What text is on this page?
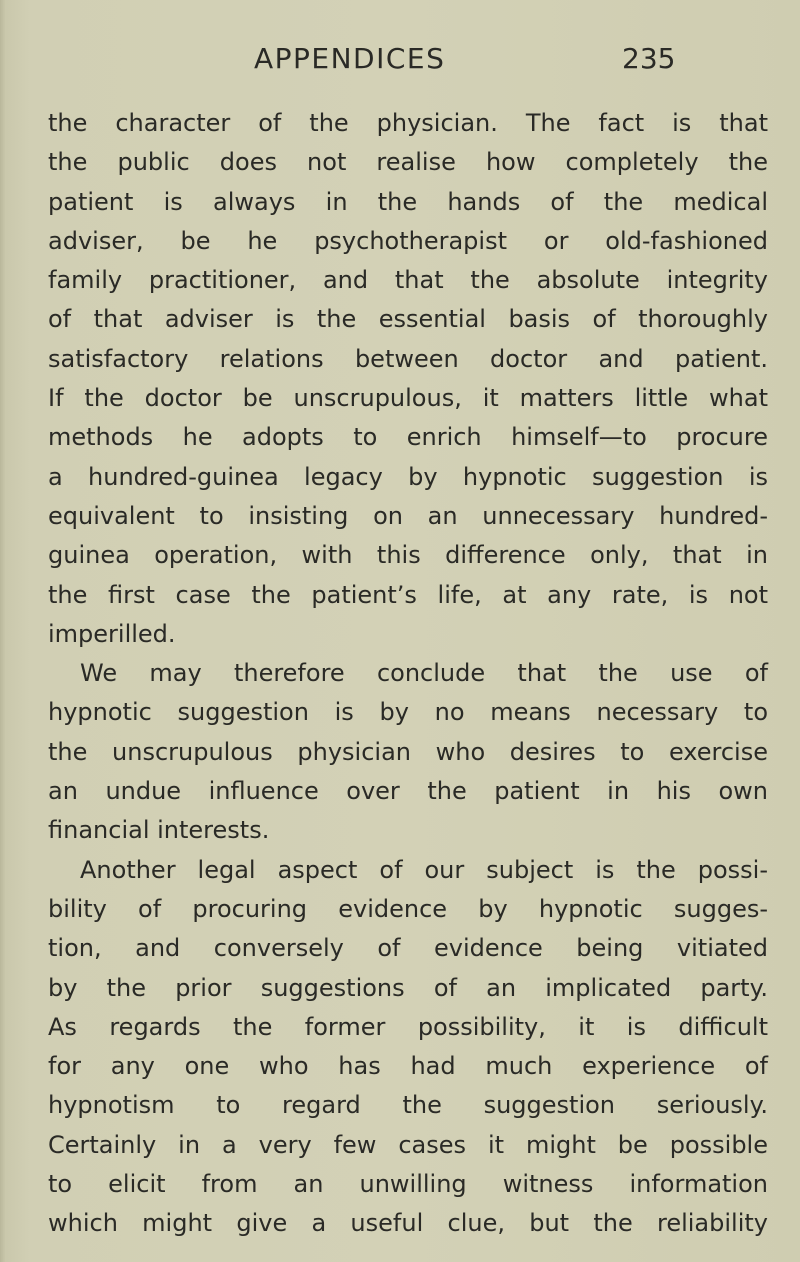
APPENDICES	235
the character of the physician. The fact is that
the public does not realise how completely the
patient is always in the hands of the medical
adviser, be he psychotherapist or old-fashioned
family practitioner, and that the absolute integrity
of that adviser is the essential basis of thoroughly
satisfactory relations between doctor and patient.
If the doctor be unscrupulous, it matters little what
methods he adopts to enrich himself—to procure
a hundred-guinea legacy by hypnotic suggestion is
equivalent to insisting on an unnecessary hundred-
guinea operation, with this difference only, that in
the first case the patient’s life, at any rate, is not
imperilled.
We may therefore conclude that the use of
hypnotic suggestion is by no means necessary to
the unscrupulous physician who desires to exercise
an undue influence over the patient in his own
financial interests.
Another legal aspect of our subject is the possi-
bility of procuring evidence by hypnotic sugges-
tion, and conversely of evidence being vitiated
by the prior suggestions of an implicated party.
As regards the former possibility, it is difficult
for any one who has had much experience of
hypnotism to regard the suggestion seriously.
Certainly in a very few cases it might be possible
to elicit from an unwilling witness information
which might give a useful clue, but the reliability
